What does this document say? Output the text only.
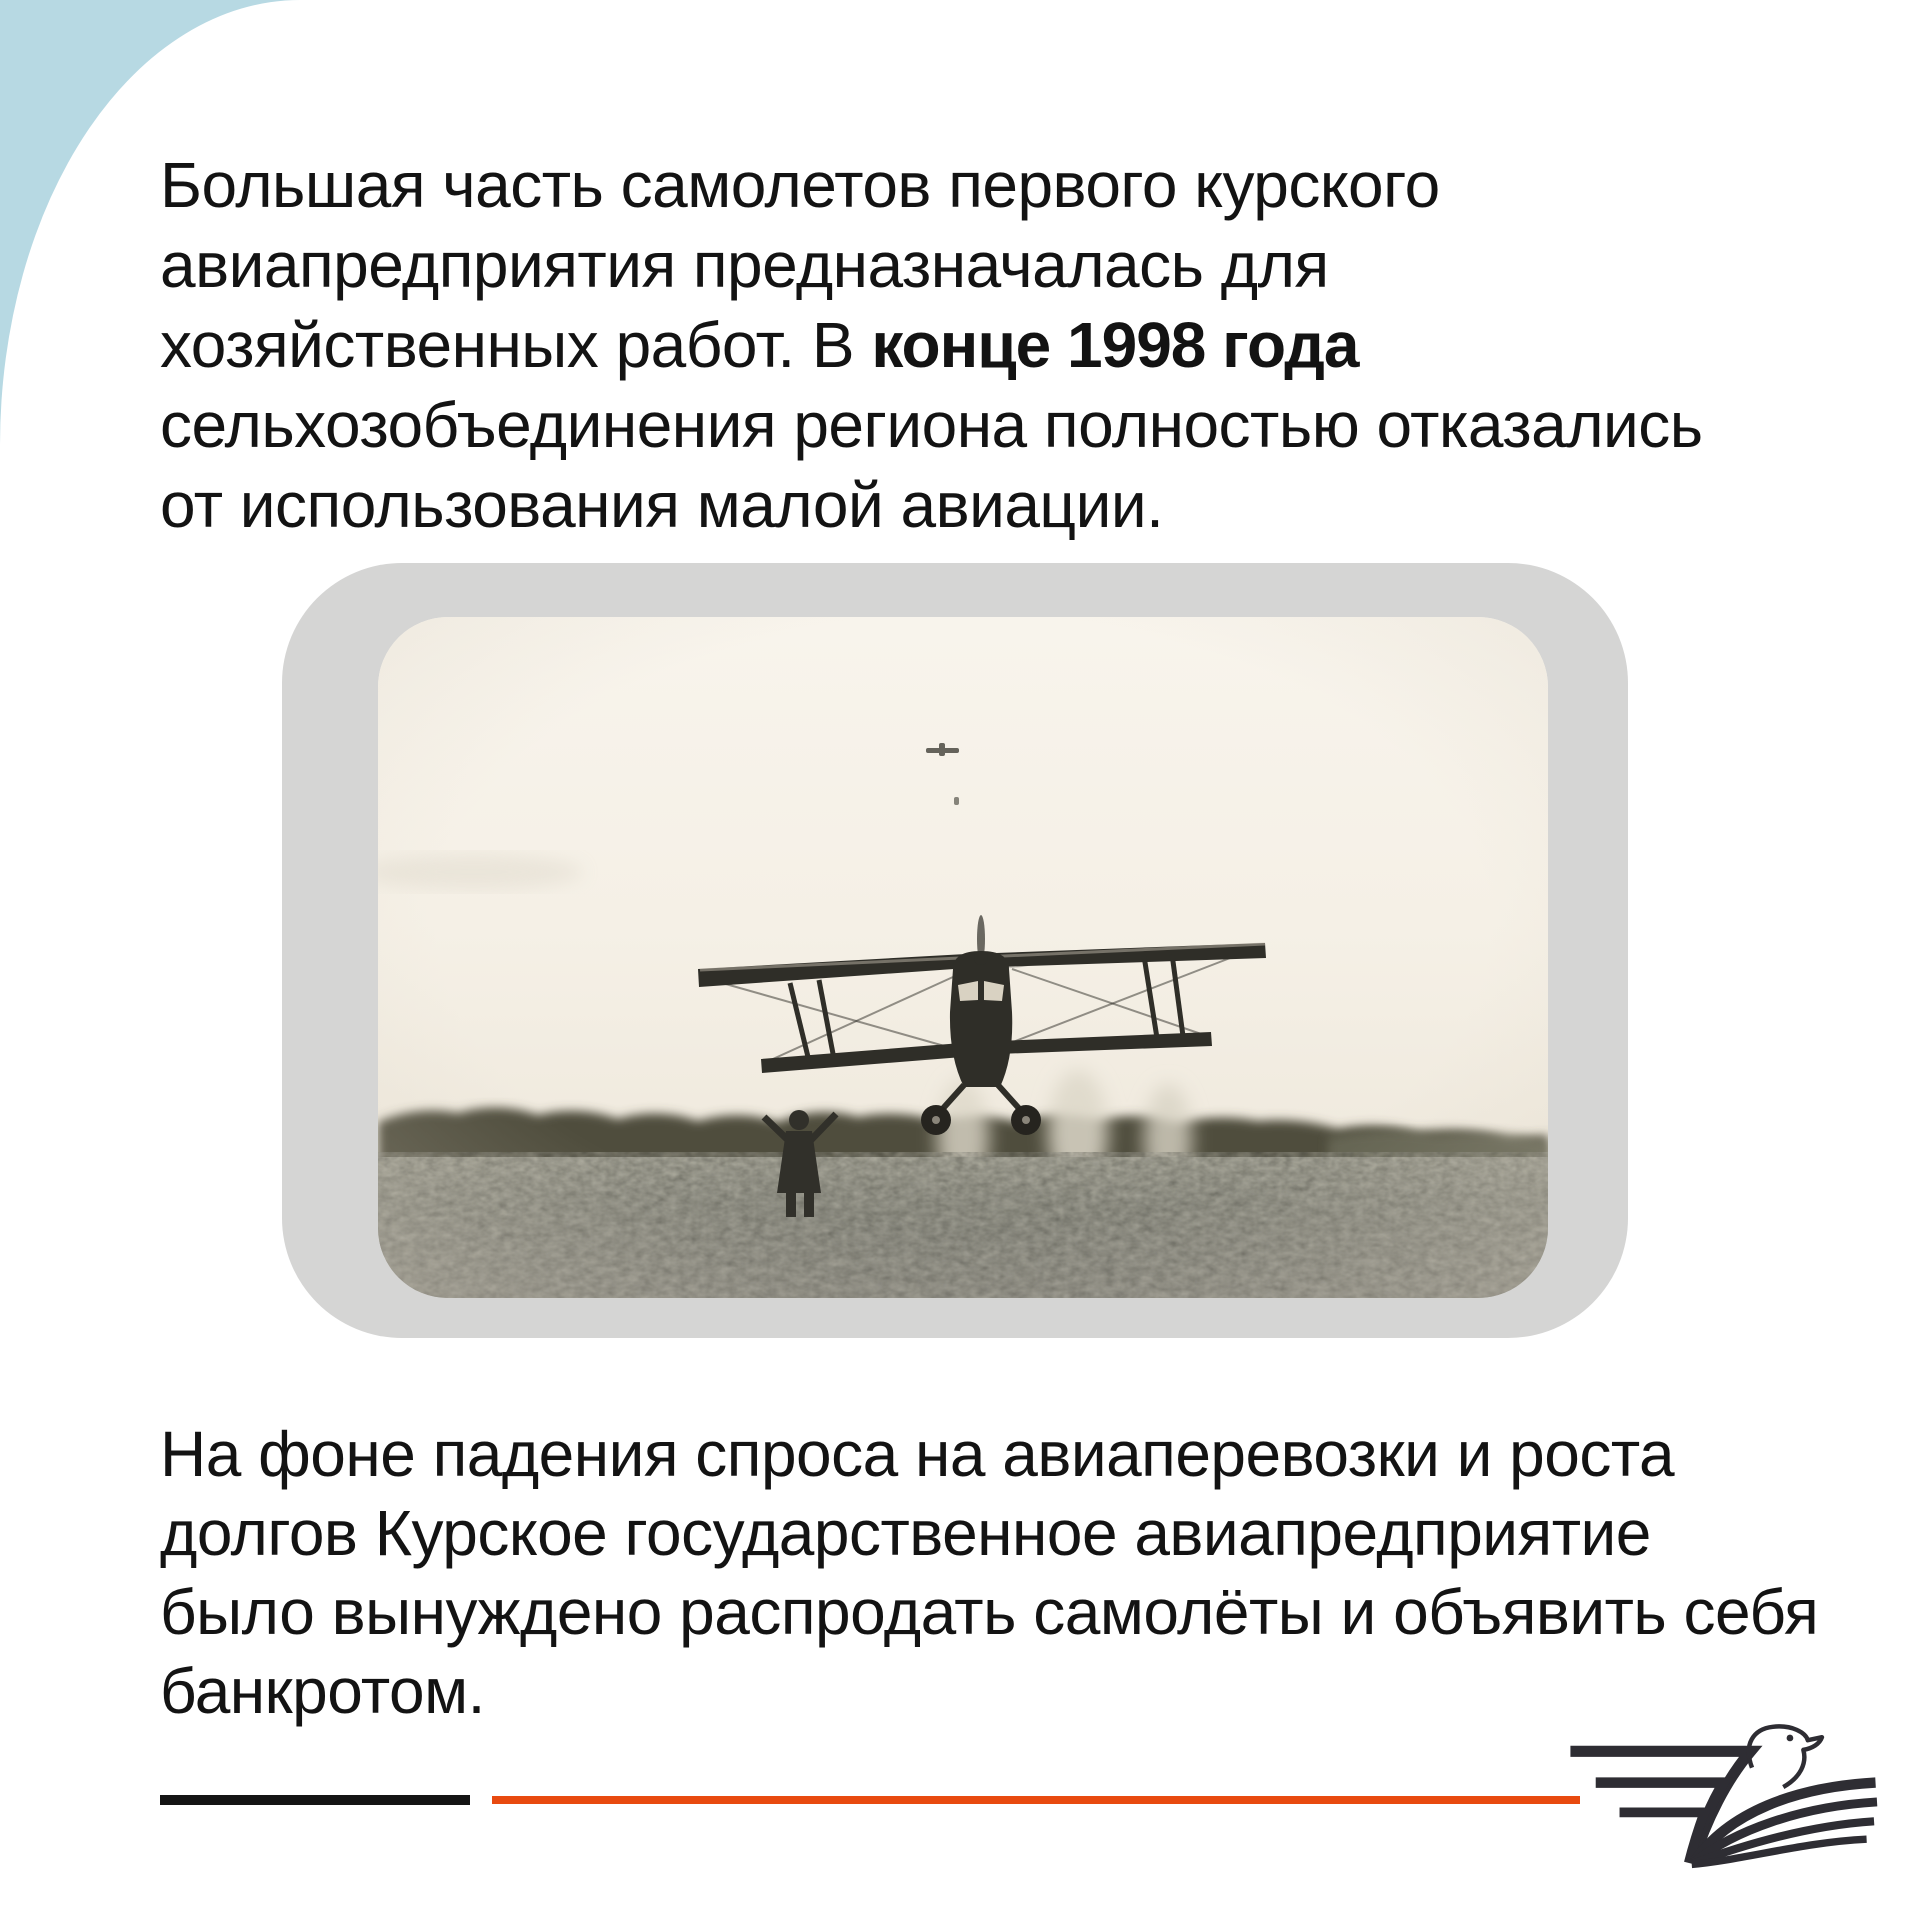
Большая часть самолетов первого курского авиапредприятия предназначалась для хозяйственных работ. В конце 1998 года сельхозобъединения региона полностью отказались от использования малой авиации.

На фоне падения спроса на авиаперевозки и роста долгов Курское государственное авиапредприятие было вынуждено распродать самолёты и объявить себя банкротом.
